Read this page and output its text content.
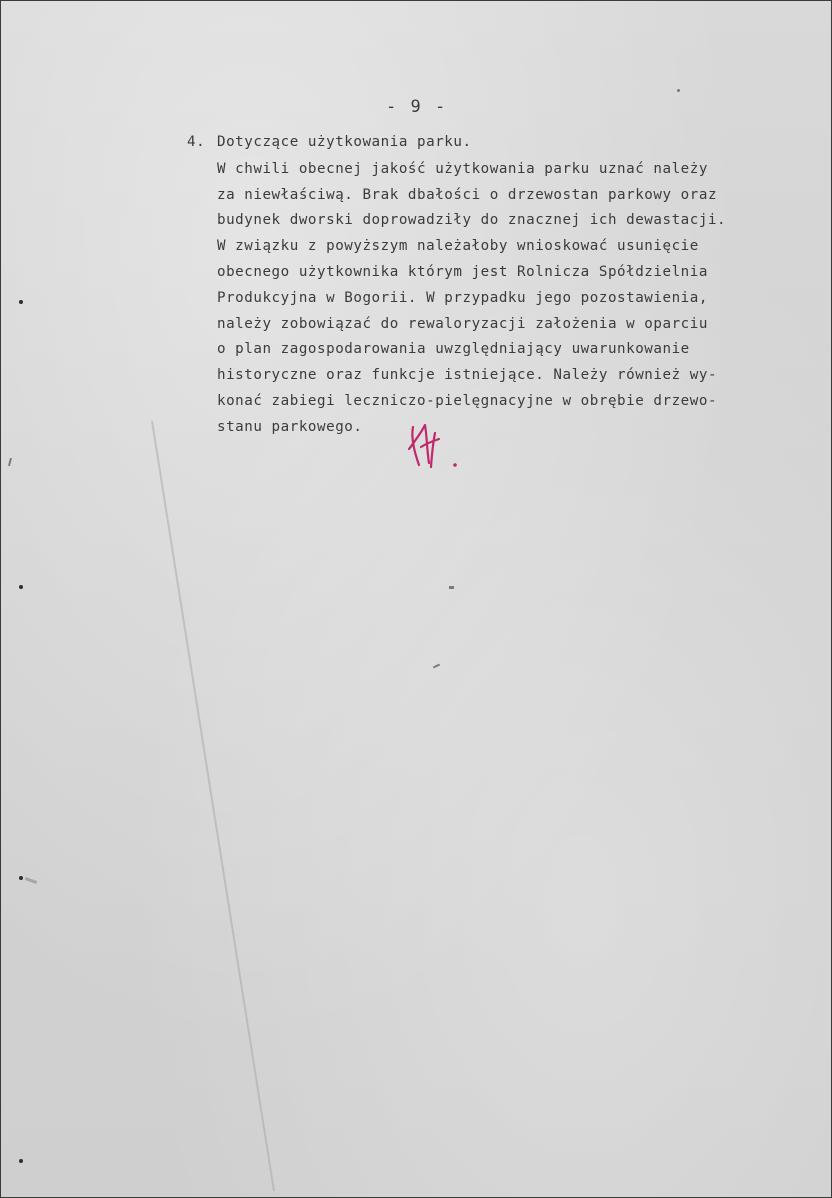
- 9 -
4. Dotyczące użytkowania parku.
W chwili obecnej jakość użytkowania parku uznać należy
za niewłaściwą. Brak dbałości o drzewostan parkowy oraz
budynek dworski doprowadziły do znacznej ich dewastacji.
W związku z powyższym należałoby wnioskować usunięcie
obecnego użytkownika którym jest Rolnicza Spółdzielnia
Produkcyjna w Bogorii. W przypadku jego pozostawienia,
należy zobowiązać do rewaloryzacji założenia w oparciu
o plan zagospodarowania uwzględniający uwarunkowanie
historyczne oraz funkcje istniejące. Należy również wy-
konać zabiegi leczniczo-pielęgnacyjne w obrębie drzewo-
stanu parkowego.
